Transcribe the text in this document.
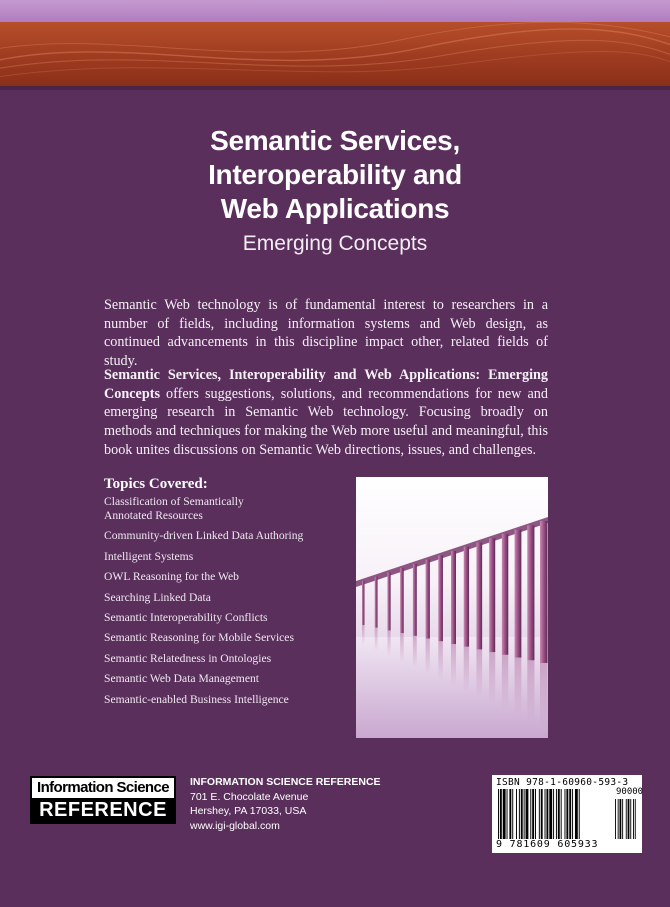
Semantic Services,
Interoperability and
Web Applications
Emerging Concepts
Semantic Web technology is of fundamental interest to researchers in a number of fields, including information systems and Web design, as continued advancements in this discipline impact other, related fields of study.
Semantic Services, Interoperability and Web Applications: Emerging Concepts offers suggestions, solutions, and recommendations for new and emerging research in Semantic Web technology. Focusing broadly on methods and techniques for making the Web more useful and meaningful, this book unites discussions on Semantic Web directions, issues, and challenges.
Topics Covered:
Classification of Semantically
Annotated Resources
Community-driven Linked Data Authoring
Intelligent Systems
OWL Reasoning for the Web
Searching Linked Data
Semantic Interoperability Conflicts
Semantic Reasoning for Mobile Services
Semantic Relatedness in Ontologies
Semantic Web Data Management
Semantic-enabled Business Intelligence
Information Science
REFERENCE
INFORMATION SCIENCE REFERENCE
701 E. Chocolate Avenue
Hershey, PA 17033, USA
www.igi-global.com
ISBN 978-1-60960-593-3
90000
9 781609 605933
